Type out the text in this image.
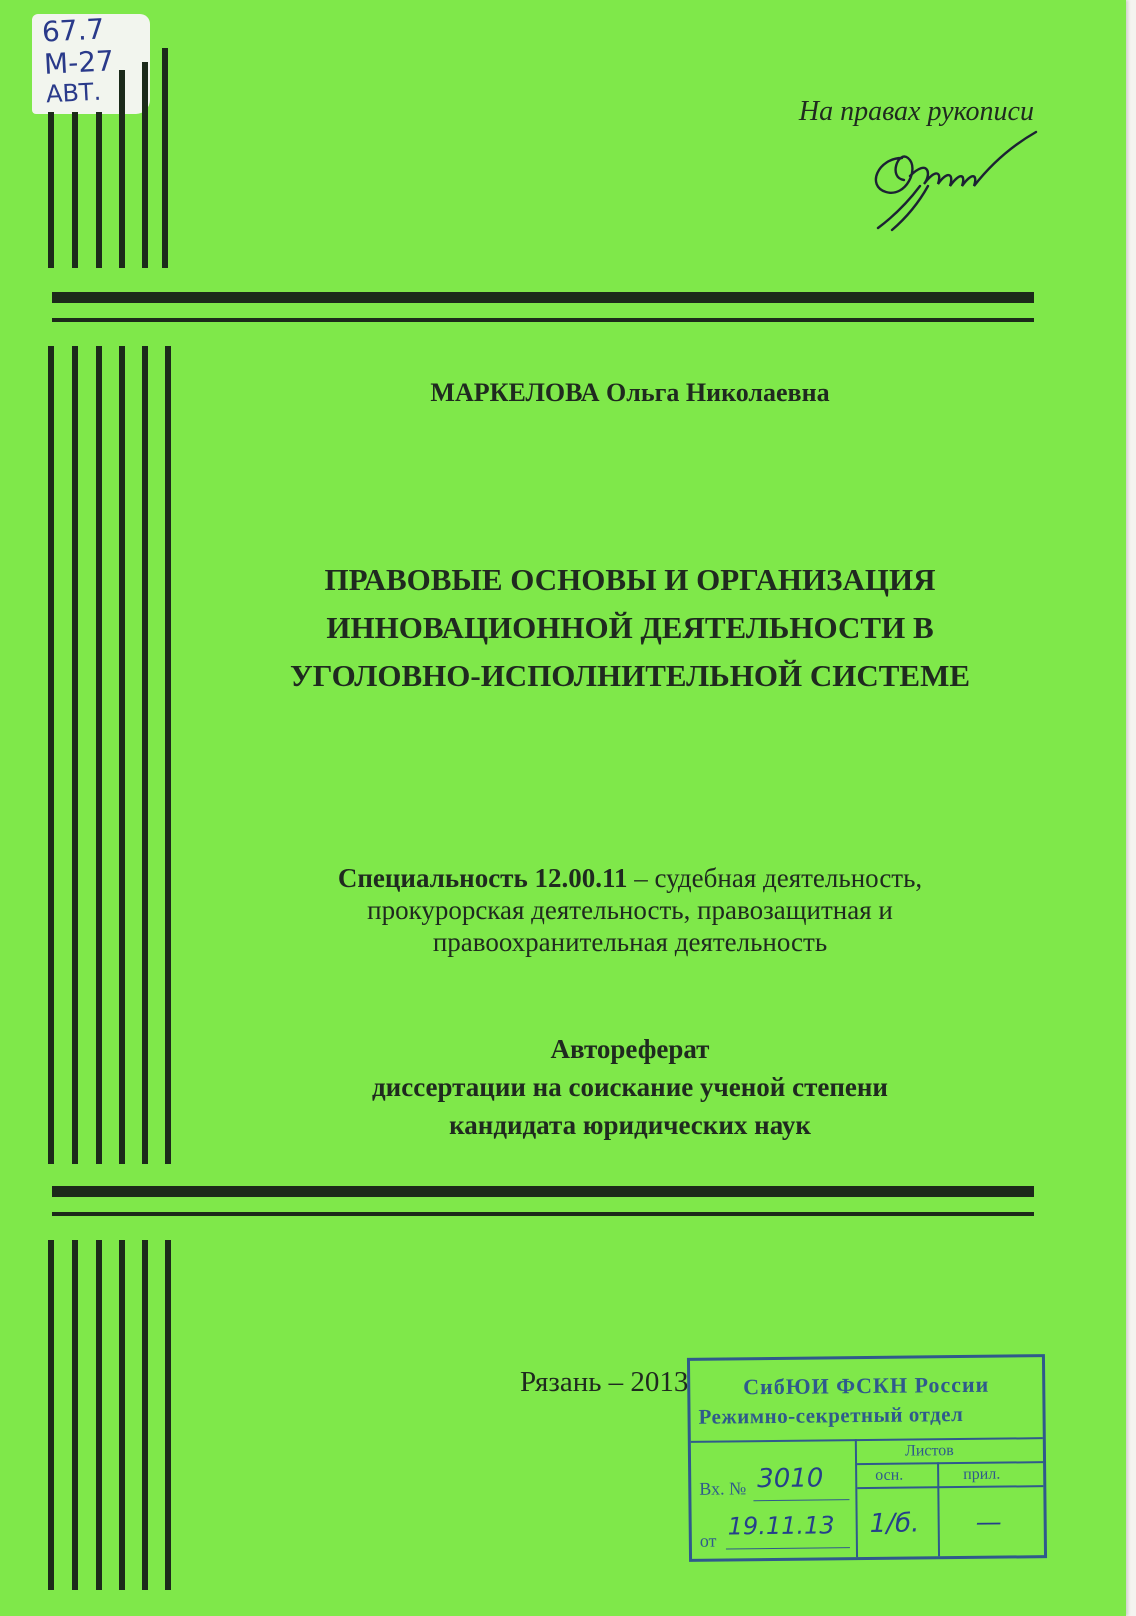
67.7
М-27
АВТ.
На правах рукописи
МАРКЕЛОВА Ольга Николаевна
ПРАВОВЫЕ ОСНОВЫ И ОРГАНИЗАЦИЯ
ИННОВАЦИОННОЙ ДЕЯТЕЛЬНОСТИ В
УГОЛОВНО-ИСПОЛНИТЕЛЬНОЙ СИСТЕМЕ
Специальность 12.00.11 – судебная деятельность,
прокурорская деятельность, правозащитная и
правоохранительная деятельность
Автореферат
диссертации на соискание ученой степени
кандидата юридических наук
Рязань – 2013	СибЮИ ФСКН России
Режимно-секретный отдел
Листов
осн.	прил.
Вх. № 3010
от
19.11.13 1/б. —
